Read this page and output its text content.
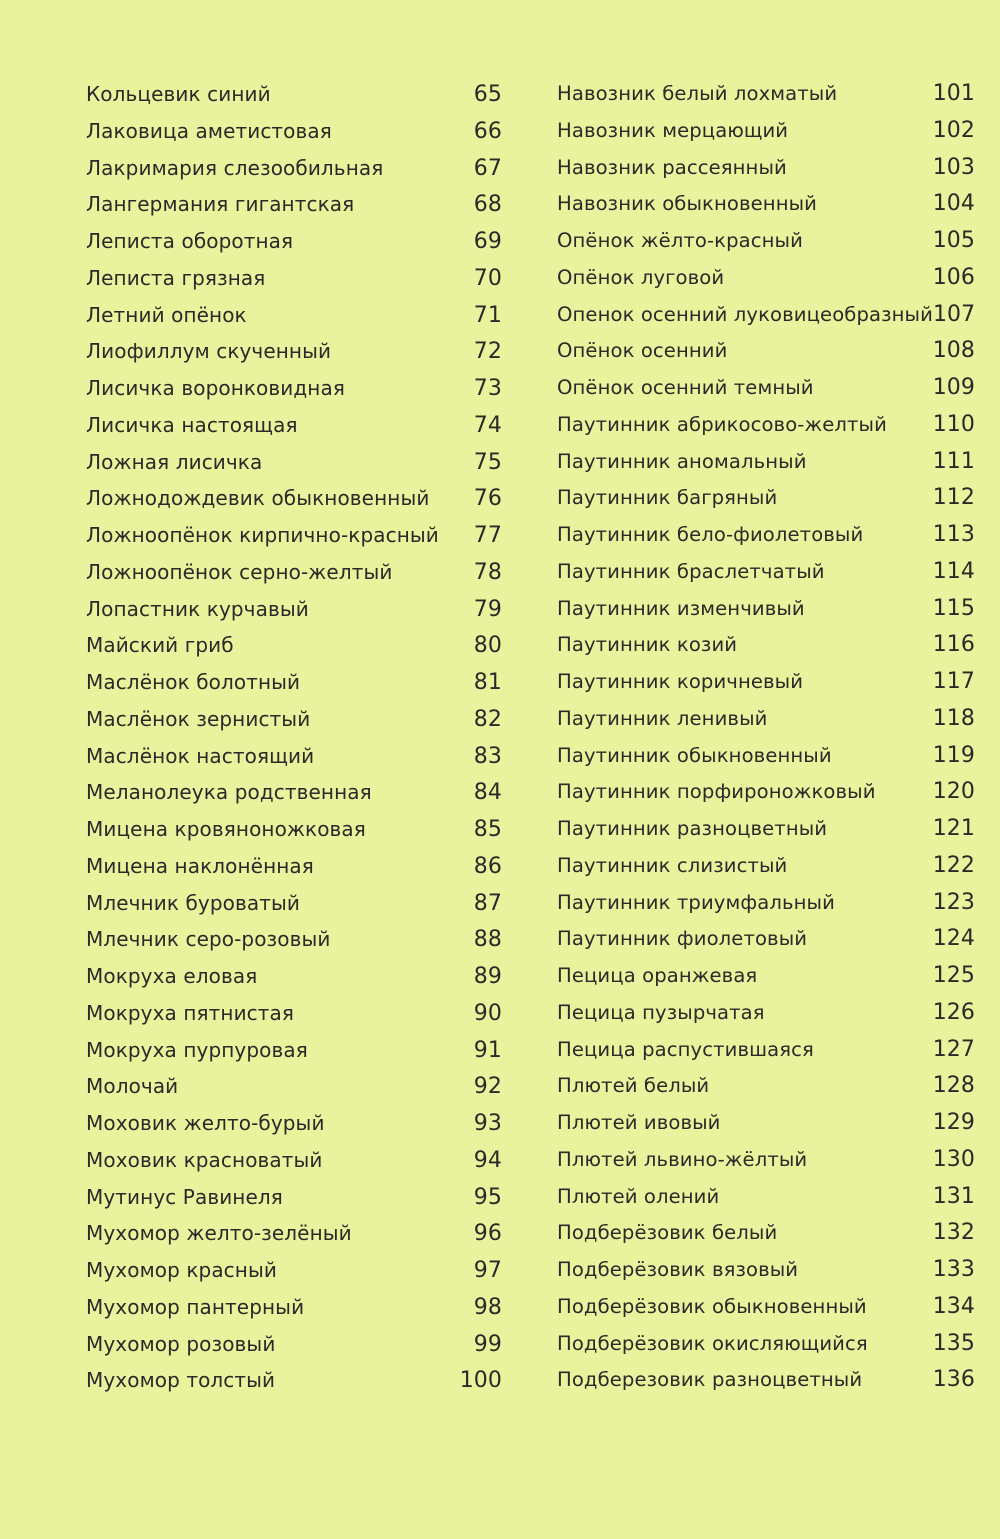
Кольцевик синий	65
Лаковица аметистовая	66
Лакримария слезообильная	67
Лангермания гигантская	68
Леписта оборотная	69
Леписта грязная	70
Летний опёнок	71
Лиофиллум скученный	72
Лисичка воронковидная	73
Лисичка настоящая	74
Ложная лисичка	75
Ложнодождевик обыкновенный 76
Ложноопёнок кирпично-красный 77
Ложноопёнок серно-желтый	78
Лопастник курчавый	79
Майский гриб	80
Маслёнок болотный	81
Маслёнок зернистый	82
Маслёнок настоящий	83
Меланолеука родственная	84
Мицена кровяноножковая	85
Мицена наклонённая	86
Млечник буроватый	87
Млечник серо-розовый	88
Мокруха еловая	89
Мокруха пятнистая	90
Мокруха пурпуровая	91
Молочай	92
Моховик желто-бурый	93
Моховик красноватый	94
Мутинус Равинеля	95
Мухомор желто-зелёный	96
Мухомор красный	97
Мухомор пантерный	98
Мухомор розовый	99
Мухомор толстый	100
Навозник белый лохматый	101
Навозник мерцающий	102
Навозник рассеянный	103
Навозник обыкновенный	104
Опёнок жёлто-красный	105
Опёнок луговой	106
Опенок осенний луковицеобразный 107
Опёнок осенний	108
Опёнок осенний темный	109
Паутинник абрикосово-желтый 110
Паутинник аномальный	111
Паутинник багряный	112
Паутинник бело-фиолетовый	113
Паутинник браслетчатый	114
Паутинник изменчивый	115
Паутинник козий	116
Паутинник коричневый	117
Паутинник ленивый	118
Паутинник обыкновенный	119
Паутинник порфироножковый	120
Паутинник разноцветный	121
Паутинник слизистый	122
Паутинник триумфальный	123
Паутинник фиолетовый	124
Пецица оранжевая	125
Пецица пузырчатая	126
Пецица распустившаяся	127
Плютей белый	128
Плютей ивовый	129
Плютей львино-жёлтый	130
Плютей олений	131
Подберёзовик белый	132
Подберёзовик вязовый	133
Подберёзовик обыкновенный	134
Подберёзовик окисляющийся	135
Подберезовик разноцветный	136
